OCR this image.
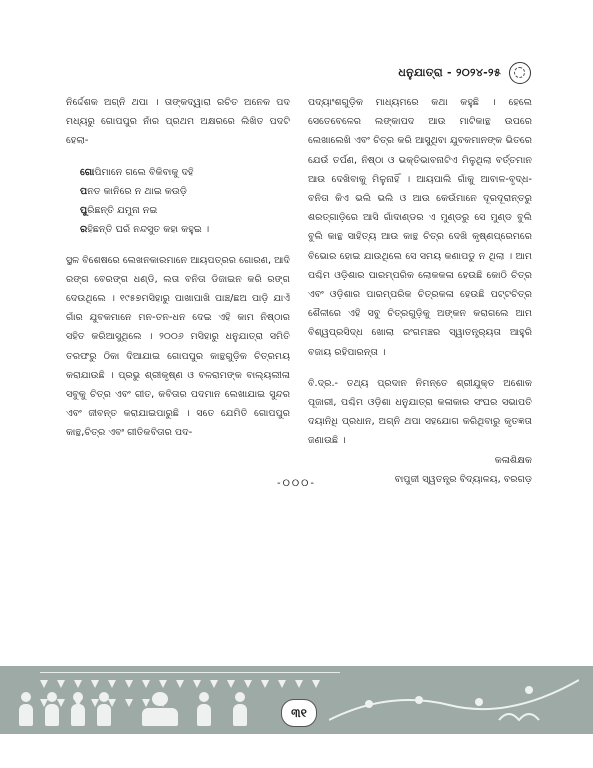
ଧନୁଯାତ୍ରା - ୨୦୨୪-୨୫

ନିର୍ଦ୍ଦେଶକ ଅଗ୍ନି ଥପା । ତାଙ୍କଦ୍ୱାରା ରଚିତ ଅନେକ ପଦ ମଧ୍ୟରୁ ଗୋପପୁର ନାଁର ପ୍ରଥମ ଅକ୍ଷରରେ ଲିଖିତ ପଦଟି ହେଲା-

ଗୋପିମାନେ ଗଲେ ବିକିବାକୁ ଦହି
ପନତ କାନିରେ ନ ଥାଇ କଉଡ଼ି
ପୁରିଛନ୍ତି ଯମୁନା ନଇ
ରହିଛନ୍ତି ଘରଁ ନନ୍ଦସୁତ କହା କହୁଇ ।

ସ୍ଥଳ ବିଶେଷରେ ଲେଖନକାରମାନେ ଆୟପତ୍ରର ଗୋରଣ, ଆଦି ରଙ୍ଗ ବେରଙ୍ଗ ଧଣ୍ଡି, ଲତା ବନିତା ଡିଜାଇନ କରି ରଙ୍ଗ ଦେଉଥିଲେ । ୧୯୫୭ମସିହାରୁ ପାଖାପାଖି ପାଞ୍ଚ/ଛଅ ପାଡ଼ି ଯାଏଁ ଗାଁର ଯୁବକମାନେ ମନ-ତନ-ଧନ ଦେଇ ଏହି କାମ ନିଷ୍ଠାର ସହିତ କରିଆସୁଥିଲେ । ୨୦୦୬ ମସିହାରୁ ଧନୁଯାତ୍ରା ସମିତି ତରଫରୁ ଠିକା ଦିଆଯାଇ ଗୋପପୁର କାନ୍ଥଗୁଡ଼ିକ ଚିତ୍ରମୟ କରାଯାଉଛି । ପ୍ରଭୁ ଶ୍ରୀକୃଷ୍ଣ ଓ ବଳରାମଙ୍କ ବାଲ୍ୟଲୀଳା ସବୁକୁ ଚିତ୍ର ଏବଂ ଗୀତ, କବିତାର ପଦମାନ ଲେଖାଯାଇ ସୁନ୍ଦର ଏବଂ ଜୀବନ୍ତ କରାଯାଇପାରୁଛି । ସତେ ଯେମିତି ଗୋପପୁର କାନ୍ଥ,ଚିତ୍ର ଏବଂ ଗୀତିକବିତାର ପଦ-

ପଦ୍ୟାଂଶଗୁଡ଼ିକ ମାଧ୍ୟମରେ କଥା କହୁଛି । ହେଲେ ସେତେବେଳେର ଲଙ୍କାପଦ ଆଉ ମାଟିକାନ୍ଥ ଉପରେ ଲେଖାଲେଖି ଏବଂ ଚିତ୍ର କରି ଆସୁଥିବା ଯୁବକମାନଙ୍କ ଭିତରେ ଯେଉଁ ତର୍ପଣ, ନିଷ୍ଠା ଓ ଭକ୍ତିଭାବନାଟିଏ ମିଳୁଥିଲା ବର୍ତ୍ତମାନ ଆଉ ଦେଖିବାକୁ ମିଳୁନାହିଁ । ଆୟପାଲି ଗାଁକୁ ଆବାଳ-ବୃଦ୍ଧ-ବନିତା କିଏ ଭଲି ଭଲି ଓ ଆଉ କେଉଁମାନେ ଦୂରଦୂରାନ୍ତରୁ ଶରତ୍ଗାଡ଼ିରେ ଆସି ଗାଁଦାଣ୍ଡର ଏ ମୁଣ୍ଡରୁ ସେ ମୁଣ୍ଡ ବୁଲି ବୁଲି କାନ୍ଥ ସାହିତ୍ୟ ଆଉ କାନ୍ଥ ଚିତ୍ର ଦେଖି କୃଷ୍ଣପ୍ରେମରେ ବିଭୋର ହୋଇ ଯାଉଥିଲେ ସେ ସମୟ କଣାପଡୁ ନ ଥିଲା । ଆମ ପଶ୍ଚିମ ଓଡ଼ିଶାର ପାରମ୍ପରିକ ଲୋକକଳା ହେଉଛି କୋଠି ଚିତ୍ର ଏବଂ ଓଡ଼ିଶାର ପାରମ୍ପରିକ ଚିତ୍ରକଳା ହେଉଛି ପଟ୍ଟଚିତ୍ର ଶୈଳୀରେ ଏହି ସବୁ ଚିତ୍ରଗୁଡ଼ିକୁ ଅଙ୍କନ କରାଗଲେ ଆମ ବିଶ୍ୱପ୍ରସିଦ୍ଧ ଖୋଲା ରଂଗମଞ୍ଚର ସ୍ୱାତନ୍ତ୍ର୍ୟତା ଆହୁରି ବଜାୟ ରହିପାରନ୍ତା ।

ବି.ଦ୍ର.- ତଥ୍ୟ ପ୍ରଦାନ ନିମନ୍ତେ ଶ୍ରୀଯୁକ୍ତ ଅଶୋକ ପୂଜାରୀ, ପଶ୍ଚିମ ଓଡ଼ିଶା ଧନୁଯାତ୍ରା କଳାକାର ସଂଘର ସଭାପତି ଦୟାନିଧି ପ୍ରଧାନ, ଅଗ୍ନି ଥପା ସହଯୋଗ କରିଥିବାରୁ କୃତଜ୍ଞତା ଜଣାଉଛି ।

କଳାଶିକ୍ଷକ
ବାପୁଜୀ ସ୍ୱତନ୍ତ୍ର ବିଦ୍ୟାଳୟ, ବରଗଡ଼
-୦୦୦-
୩୧
